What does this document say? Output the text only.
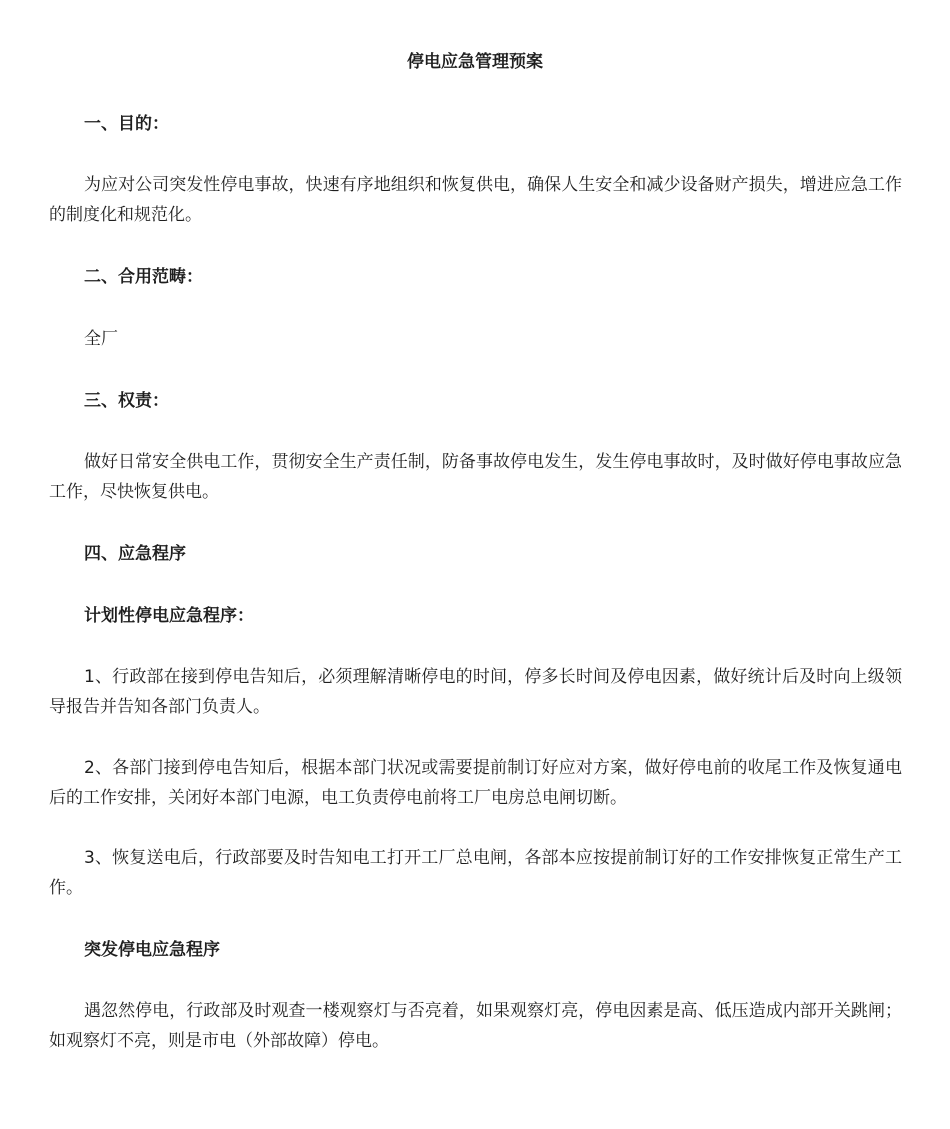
停电应急管理预案
一、目的：
为应对公司突发性停电事故，快速有序地组织和恢复供电，确保人生安全和减少设备财产损失，增进应急工作的制度化和规范化。
二、合用范畴：
全厂
三、权责：
做好日常安全供电工作，贯彻安全生产责任制，防备事故停电发生，发生停电事故时，及时做好停电事故应急工作，尽快恢复供电。
四、应急程序
计划性停电应急程序：
1、行政部在接到停电告知后，必须理解清晰停电的时间，停多长时间及停电因素，做好统计后及时向上级领导报告并告知各部门负责人。
2、各部门接到停电告知后，根据本部门状况或需要提前制订好应对方案，做好停电前的收尾工作及恢复通电后的工作安排，关闭好本部门电源，电工负责停电前将工厂电房总电闸切断。
3、恢复送电后，行政部要及时告知电工打开工厂总电闸，各部本应按提前制订好的工作安排恢复正常生产工作。
突发停电应急程序
遇忽然停电，行政部及时观查一楼观察灯与否亮着，如果观察灯亮，停电因素是高、低压造成内部开关跳闸；如观察灯不亮，则是市电（外部故障）停电。
